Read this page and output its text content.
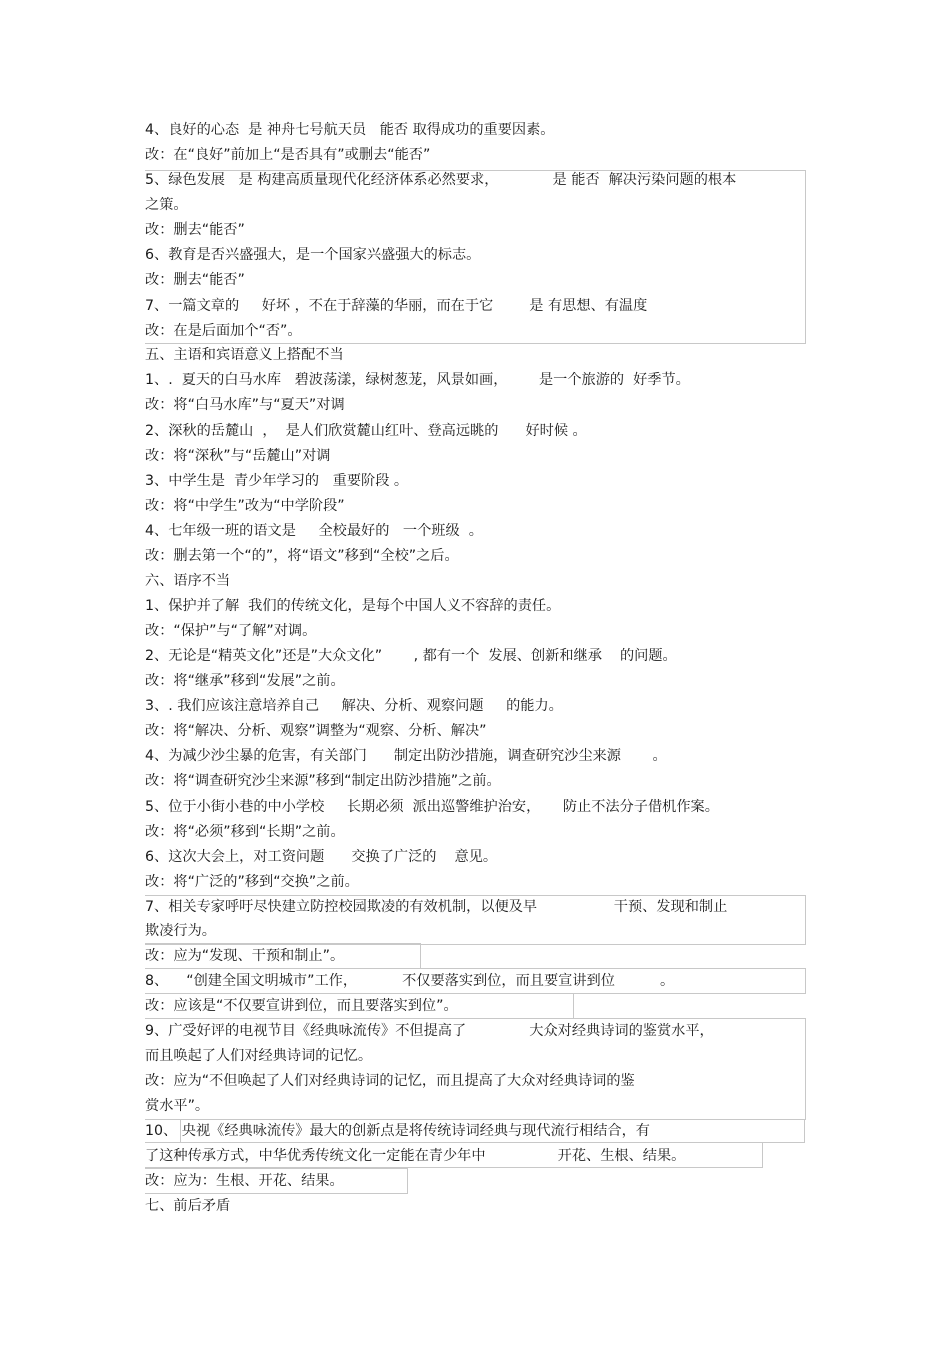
4、良好的心态  是 神舟七号航天员   能否 取得成功的重要因素。
改：在“良好”前加上“是否具有”或删去“能否”
5、绿色发展   是 构建高质量现代化经济体系必然要求，            是 能否  解决污染问题的根本
之策。
改：删去“能否”
6、教育是否兴盛强大，是一个国家兴盛强大的标志。
改：删去“能否”
7、一篇文章的     好坏 ，不在于辞藻的华丽，而在于它        是 有思想、有温度
改：在是后面加个“否”。
五、主语和宾语意义上搭配不当
1、.  夏天的白马水库   碧波荡漾，绿树葱茏，风景如画，       是一个旅游的  好季节。
改：将“白马水库”与“夏天”对调
2、深秋的岳麓山  ，  是人们欣赏麓山红叶、登高远眺的      好时候 。
改：将“深秋”与“岳麓山”对调
3、中学生是  青少年学习的   重要阶段 。
改：将“中学生”改为“中学阶段”
4、七年级一班的语文是     全校最好的   一个班级  。
改：删去第一个“的”，将“语文”移到“全校”之后。
六、语序不当
1、保护并了解  我们的传统文化，是每个中国人义不容辞的责任。
改：“保护”与“了解”对调。
2、无论是“精英文化”还是”大众文化”       , 都有一个  发展、创新和继承    的问题。
改：将“继承”移到“发展”之前。
3、. 我们应该注意培养自己     解决、分析、观察问题     的能力。
改：将“解决、分析、观察”调整为“观察、分析、解决”
4、为减少沙尘暴的危害，有关部门      制定出防沙措施，调查研究沙尘来源       。
改：将“调查研究沙尘来源”移到“制定出防沙措施”之前。
5、位于小街小巷的中小学校     长期必须  派出巡警维护治安，     防止不法分子借机作案。
改：将“必须”移到“长期”之前。
6、这次大会上，对工资问题      交换了广泛的    意见。
改：将“广泛的”移到“交换”之前。
7、相关专家呼吁尽快建立防控校园欺凌的有效机制，以便及早                 干预、发现和制止
欺凌行为。
改：应为“发现、干预和制止”。
8、    “创建全国文明城市”工作，          不仅要落实到位，而且要宣讲到位          。
改：应该是“不仅要宣讲到位，而且要落实到位”。
9、广受好评的电视节目《经典咏流传》不但提高了              大众对经典诗词的鉴赏水平，
而且唤起了人们对经典诗词的记忆。
改：应为“不但唤起了人们对经典诗词的记忆，而且提高了大众对经典诗词的鉴
赏水平”。
10、 央视《经典咏流传》最大的创新点是将传统诗词经典与现代流行相结合，有
了这种传承方式，中华优秀传统文化一定能在青少年中                开花、生根、结果。
改：应为：生根、开花、结果。
七、前后矛盾
